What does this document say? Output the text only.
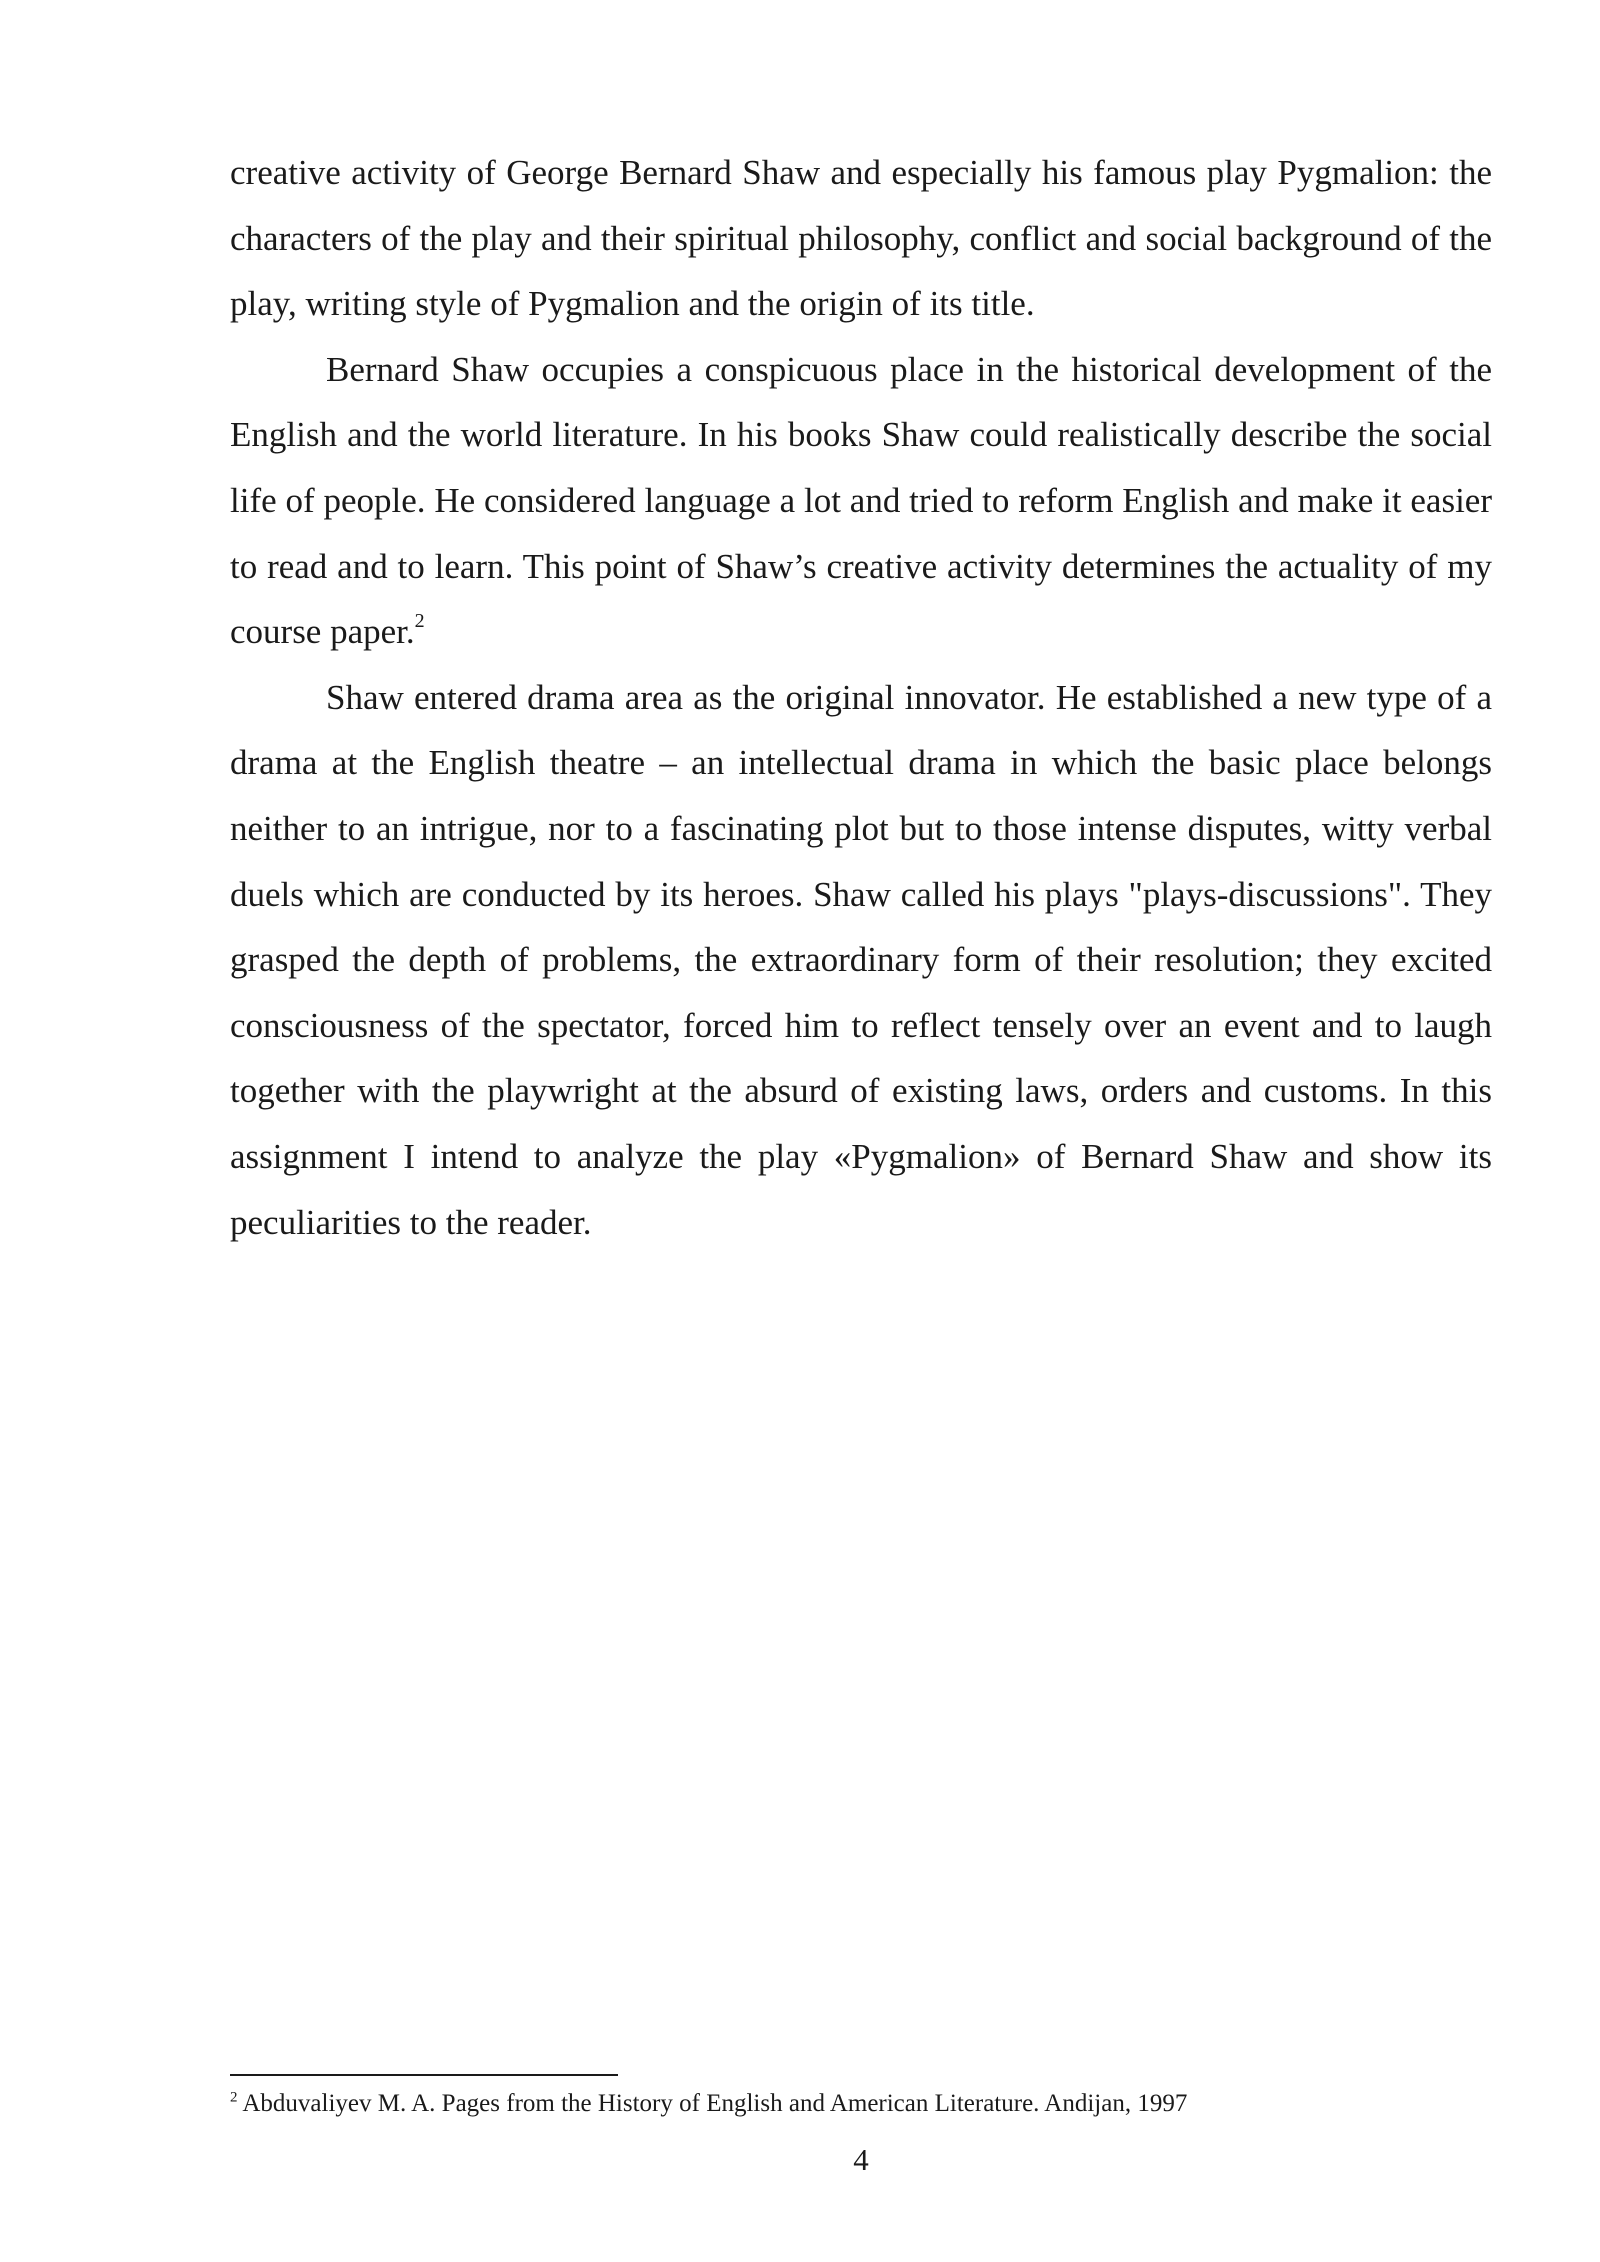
creative activity of George Bernard Shaw and especially his famous play Pygmalion: the characters of the play and their spiritual philosophy, conflict and social background of the play, writing style of Pygmalion and the origin of its title.

Bernard Shaw occupies a conspicuous place in the historical development of the English and the world literature. In his books Shaw could realistically describe the social life of people. He considered language a lot and tried to reform English and make it easier to read and to learn. This point of Shaw’s creative activity determines the actuality of my course paper.$^2$

Shaw entered drama area as the original innovator. He established a new type of a drama at the English theatre – an intellectual drama in which the basic place belongs neither to an intrigue, nor to a fascinating plot but to those intense disputes, witty verbal duels which are conducted by its heroes. Shaw called his plays "plays-discussions". They grasped the depth of problems, the extraordinary form of their resolution; they excited consciousness of the spectator, forced him to reflect tensely over an event and to laugh together with the playwright at the absurd of existing laws, orders and customs. In this assignment I intend to analyze the play «Pygmalion» of Bernard Shaw and show its peculiarities to the reader.

$^2$ Abduvaliyev M. A. Pages from the History of English and American Literature. Andijan, 1997
4
